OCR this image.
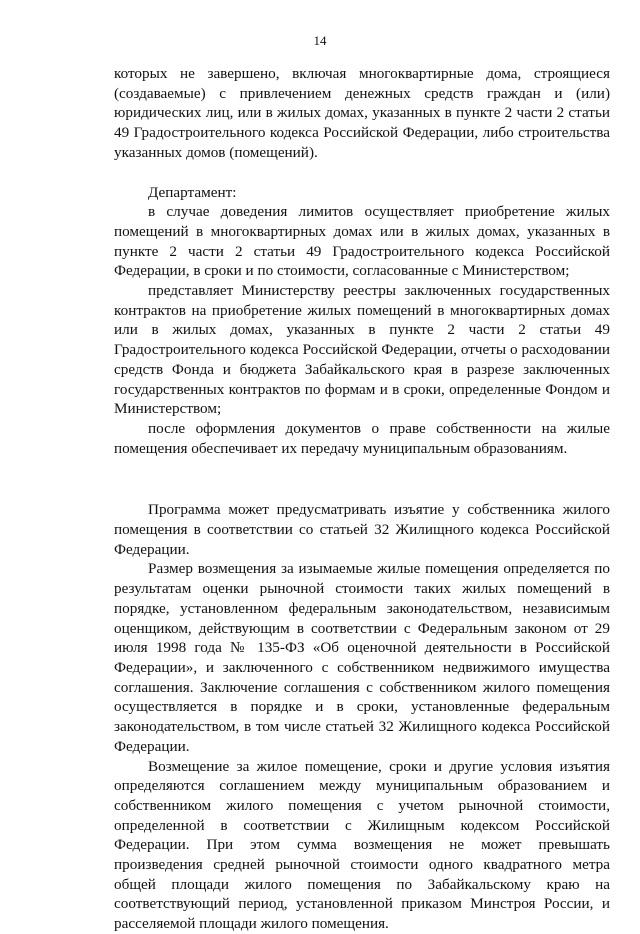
14

которых не завершено, включая многоквартирные дома, строящиеся (создаваемые) с привлечением денежных средств граждан и (или) юридических лиц, или в жилых домах, указанных в пункте 2 части 2 статьи 49 Градостроительного кодекса Российской Федерации, либо строительства указанных домов (помещений).

Департамент:

в случае доведения лимитов осуществляет приобретение жилых помещений в многоквартирных домах или в жилых домах, указанных в пункте 2 части 2 статьи 49 Градостроительного кодекса Российской Федерации, в сроки и по стоимости, согласованные с Министерством;

представляет Министерству реестры заключенных государственных контрактов на приобретение жилых помещений в многоквартирных домах или в жилых домах, указанных в пункте 2 части 2 статьи 49 Градостроительного кодекса Российской Федерации, отчеты о расходовании средств Фонда и бюджета Забайкальского края в разрезе заключенных государственных контрактов по формам и в сроки, определенные Фондом и Министерством;

после оформления документов о праве собственности на жилые помещения обеспечивает их передачу муниципальным образованиям.

Программа может предусматривать изъятие у собственника жилого помещения в соответствии со статьей 32 Жилищного кодекса Российской Федерации.

Размер возмещения за изымаемые жилые помещения определяется по результатам оценки рыночной стоимости таких жилых помещений в порядке, установленном федеральным законодательством, независимым оценщиком, действующим в соответствии с Федеральным законом от 29 июля 1998 года № 135-ФЗ «Об оценочной деятельности в Российской Федерации», и заключенного с собственником недвижимого имущества соглашения. Заключение соглашения с собственником жилого помещения осуществляется в порядке и в сроки, установленные федеральным законодательством, в том числе статьей 32 Жилищного кодекса Российской Федерации.

Возмещение за жилое помещение, сроки и другие условия изъятия определяются соглашением между муниципальным образованием и собственником жилого помещения с учетом рыночной стоимости, определенной в соответствии с Жилищным кодексом Российской Федерации. При этом сумма возмещения не может превышать произведения средней рыночной стоимости одного квадратного метра общей площади жилого помещения по Забайкальскому краю на соответствующий период, установленной приказом Минстроя России, и расселяемой площади жилого помещения.
